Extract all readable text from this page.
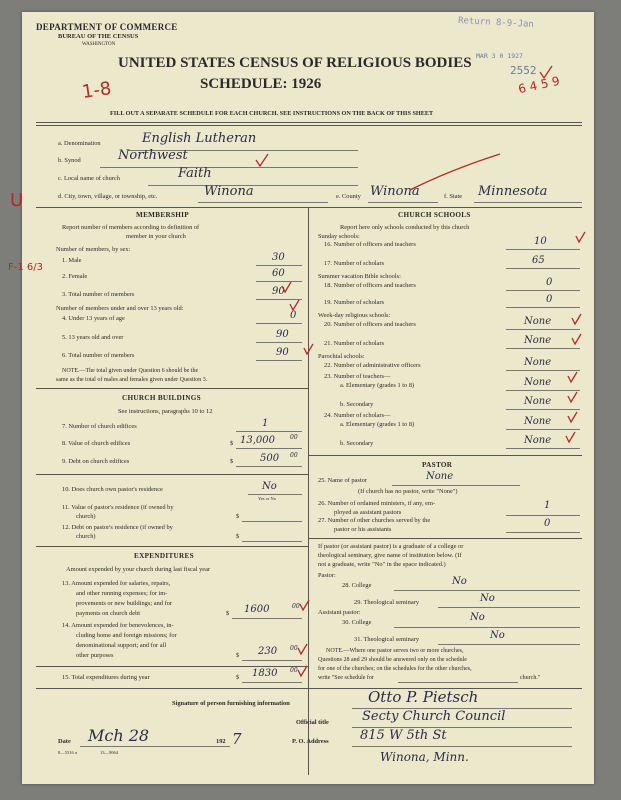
DEPARTMENT OF COMMERCE
BUREAU OF THE CENSUS
WASHINGTON
UNITED STATES CENSUS OF RELIGIOUS BODIES
SCHEDULE: 1926
FILL OUT A SEPARATE SCHEDULE FOR EACH CHURCH. SEE INSTRUCTIONS ON THE BACK OF THIS SHEET
Return 8-9-Jan
MAR 3 0 1927
2552
6 4 5 9
1-8
U
F-1 6/3
a. Denomination	English Lutheran
b. Synod	Northwest
c. Local name of church	Faith
d. City, town, village, or township, etc.	Winona	e. County Winona	f. State Minnesota
MEMBERSHIP
Report number of members according to definition of
member in your church
Number of members, by sex:
1. Male	30
2. Female	60
3. Total number of members	90
Number of members under and over 13 years old:
4. Under 13 years of age	0
5. 13 years old and over	90
6. Total number of members	90
NOTE.—The total given under Question 6 should be the
same as the total of males and females given under Question 3.
CHURCH BUILDINGS
See instructions, paragraphs 10 to 12
7. Number of church edifices	1
8. Value of church edifices	$ 13,000	00
9. Debt on church edifices	$	500 00
10. Does church own pastor's residence	No
Yes or No
11. Value of pastor's residence (if owned by
church)	$
12. Debt on pastor's residence (if owned by
church)	$
EXPENDITURES
Amount expended by your church during last fiscal year
13. Amount expended for salaries, repairs,
and other running expenses; for im-
provements or new buildings; and for
payments on church debt	$ 1600	00
14. Amount expended for benevolences, in-
cluding home and foreign missions; for
denominational support; and for all
other purposes	$ 230 00
15. Total expenditures during year	$ 1830 00
CHURCH SCHOOLS
Report here only schools conducted by this church
Sunday schools:
16. Number of officers and teachers	10
17. Number of scholars	65
Summer vacation Bible schools:
18. Number of officers and teachers	0
19. Number of scholars	0
Week-day religious schools:
20. Number of officers and teachers	None
21. Number of scholars	None
Parochial schools:
22. Number of administrative officers	None
23. Number of teachers—
a. Elementary (grades 1 to 8)	None
b. Secondary	None
24. Number of scholars—
a. Elementary (grades 1 to 8)	None
b. Secondary	None
PASTOR
25. Name of pastor	None
(If church has no pastor, write "None")
26. Number of ordained ministers, if any, em-
ployed as assistant pastors
1
27. Number of other churches served by the
pastor or his assistants
0
If pastor (or assistant pastor) is a graduate of a college or
theological seminary, give name of institution below. (If
not a graduate, write "No" in the space indicated.)
Pastor:
28. College	No
29. Theological seminary	No
Assistant pastor:
30. College	No
31. Theological seminary	No
NOTE.—Where one pastor serves two or more churches,
Questions 28 and 29 should be answered only on the schedule
for one of the churches; on the schedules for the other churches,
write "See schedule for	church."
Signature of person furnishing information	Otto P. Pietsch
Official title	Secty Church Council
Date Mch 28	192 7	P. O. Address 815 W 5th St
Winona, Minn.
8—5316 a	13—9064
